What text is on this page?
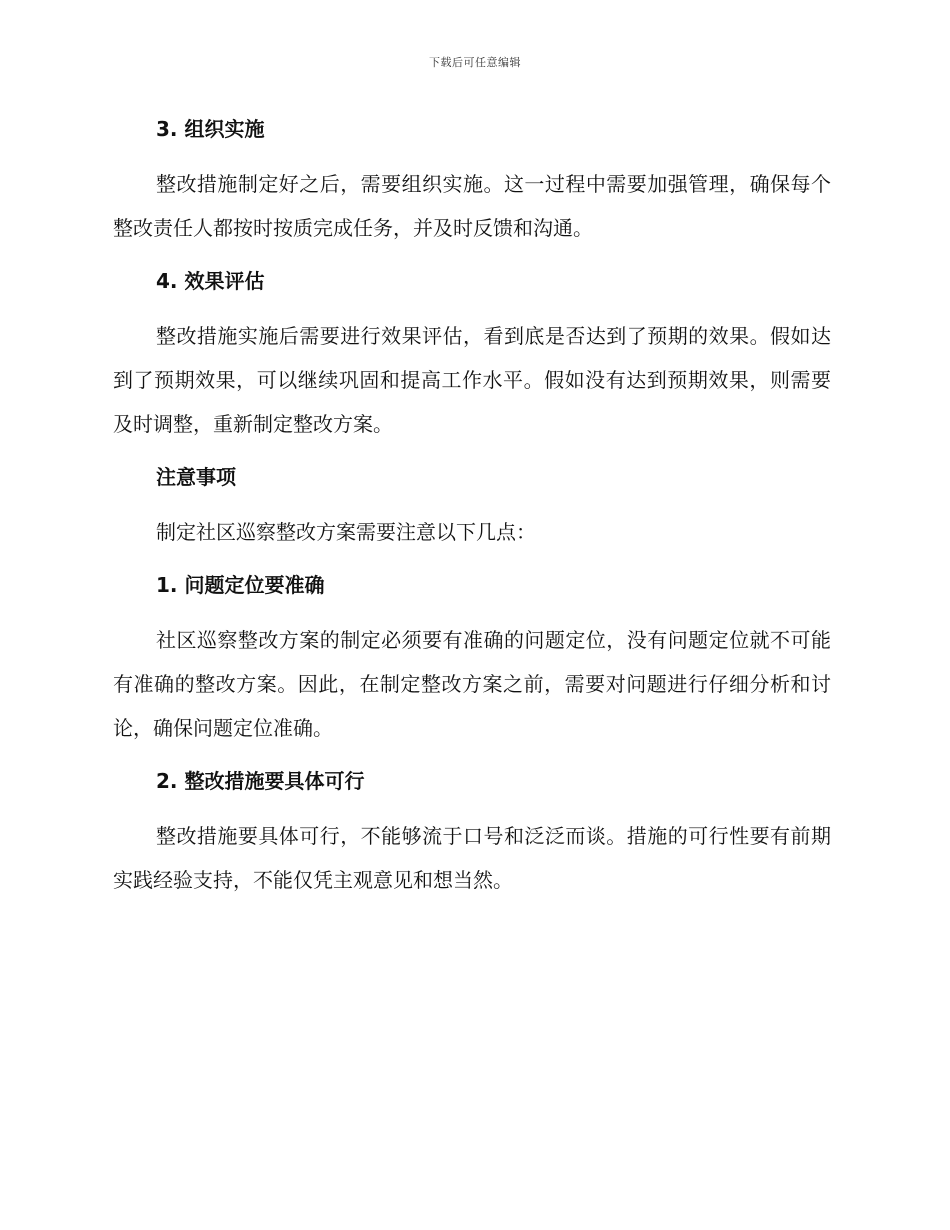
下载后可任意编辑
3. 组织实施

整改措施制定好之后，需要组织实施。这一过程中需要加强管理，确保每个整改责任人都按时按质完成任务，并及时反馈和沟通。

4. 效果评估

整改措施实施后需要进行效果评估，看到底是否达到了预期的效果。假如达到了预期效果，可以继续巩固和提高工作水平。假如没有达到预期效果，则需要及时调整，重新制定整改方案。

注意事项

制定社区巡察整改方案需要注意以下几点：

1. 问题定位要准确

社区巡察整改方案的制定必须要有准确的问题定位，没有问题定位就不可能有准确的整改方案。因此，在制定整改方案之前，需要对问题进行仔细分析和讨论，确保问题定位准确。

2. 整改措施要具体可行

整改措施要具体可行，不能够流于口号和泛泛而谈。措施的可行性要有前期实践经验支持，不能仅凭主观意见和想当然。
